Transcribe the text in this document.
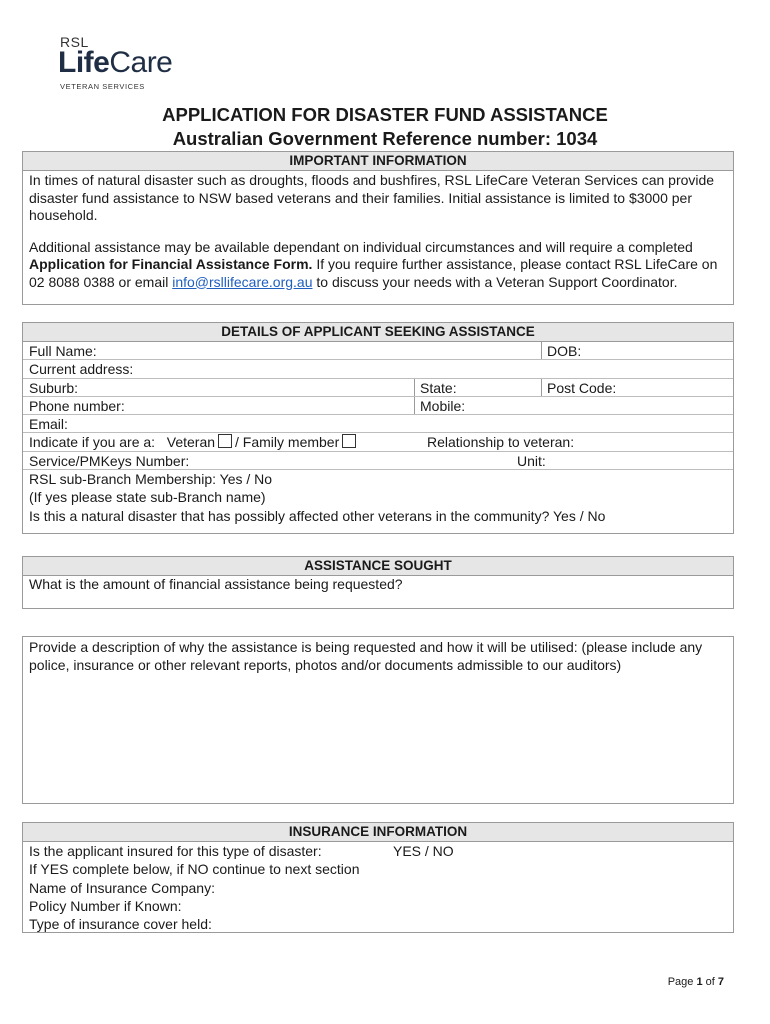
RSL
LifeCare
VETERAN SERVICES
APPLICATION FOR DISASTER FUND ASSISTANCE
Australian Government Reference number: 1034
IMPORTANT INFORMATION
In times of natural disaster such as droughts, floods and bushfires, RSL LifeCare Veteran Services can provide disaster fund assistance to NSW based veterans and their families. Initial assistance is limited to $3000 per household.
Additional assistance may be available dependant on individual circumstances and will require a completed Application for Financial Assistance Form. If you require further assistance, please contact RSL LifeCare on 02 8088 0388 or email info@rsllifecare.org.au to discuss your needs with a Veteran Support Coordinator.
DETAILS OF APPLICANT SEEKING ASSISTANCE
Full Name:	DOB:
Current address:
Suburb:	State:	Post Code:
Phone number:	Mobile:
Email:
Indicate if you are a: Veteran / Family member	Relationship to veteran:
Service/PMKeys Number:	Unit:
RSL sub-Branch Membership: Yes / No
(If yes please state sub-Branch name)
Is this a natural disaster that has possibly affected other veterans in the community? Yes / No
ASSISTANCE SOUGHT
What is the amount of financial assistance being requested?
Provide a description of why the assistance is being requested and how it will be utilised: (please include any police, insurance or other relevant reports, photos and/or documents admissible to our auditors)
INSURANCE INFORMATION
Is the applicant insured for this type of disaster:	YES / NO
If YES complete below, if NO continue to next section
Name of Insurance Company:
Policy Number if Known:
Type of insurance cover held:
Page 1 of 7
